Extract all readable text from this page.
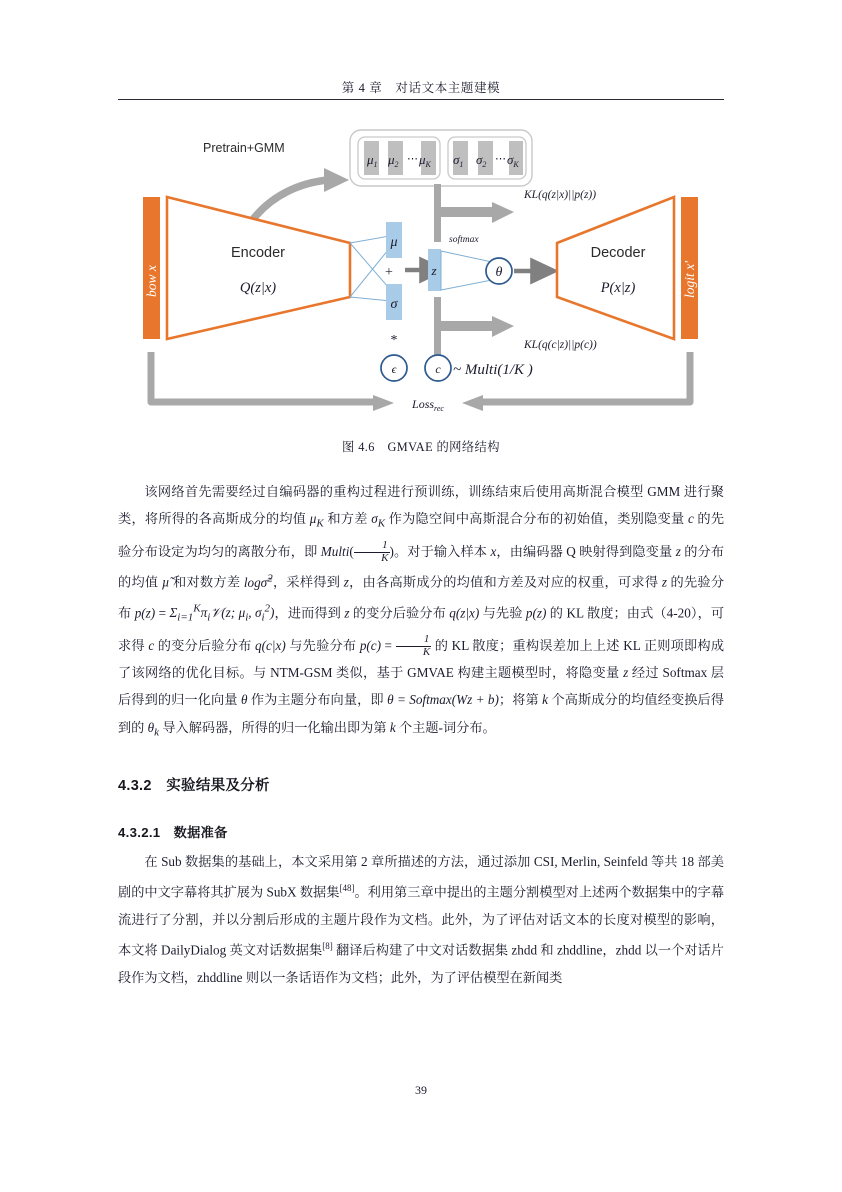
第 4 章　对话文本主题建模
$\mu_1$ $\mu_2$ ⋯ $\mu_K$ $\sigma_1$ $\sigma_2$ ⋯ $\sigma_K$
Pretrain+GMM
bow x
Encoder
Q(z|x)
μ
σ
+
*
z
softmax
θ
KL(q(z|x)||p(z))
KL(q(c|z)||p(c))
Decoder
P(x|z)	logit x'
ϵ	c ~ Multi(1/K )
Loss$_{rec}$
图 4.6　GMVAE 的网络结构

该网络首先需要经过自编码器的重构过程进行预训练，训练结束后使用高斯混合模型 GMM 进行聚类，将所得的各高斯成分的均值 $\mu_K$ 和方差 $\sigma_K$ 作为隐空间中高斯混合分布的初始值，类别隐变量 c 的先验分布设定为均匀的离散分布，即 Multi( $\frac{1}{K}$ )。对于输入样本 x，由编码器 Q 映射得到隐变量 z 的分布的均值 µ̃ 和对数方差 logσ̃$^2$，采样得到 z，由各高斯成分的均值和方差及对应的权重，可求得 z 的先验分布 $p(z) = \Sigma_{i=1}^K\pi_i𝒱(z$; $\mu_i$, $\sigma_i^2$)，进而得到 z 的变分后验分布 q(z|x) 与先验 p(z) 的 KL 散度；由式（4-20），可求得 c 的变分后验分布 q(c|x) 与先验分布 $p(c) = \frac{1}{K}$ 的 KL 散度；重构误差加上上述 KL 正则项即构成了该网络的优化目标。与 NTM-GSM 类似，基于 GMVAE 构建主题模型时，将隐变量 z 经过 Softmax 层后得到的归一化向量 θ 作为主题分布向量，即 θ = Softmax(Wz + b)；将第 k 个高斯成分的均值经变换后得到的 $\theta_k$ 导入解码器，所得的归一化输出即为第 k 个主题-词分布。

4.3.2 实验结果及分析
4.3.2.1 数据准备

在 Sub 数据集的基础上，本文采用第 2 章所描述的方法，通过添加 CSI, Merlin, Seinfeld 等共 18 部美剧的中文字幕将其扩展为 SubX 数据集[48]。利用第三章中提出的主题分割模型对上述两个数据集中的字幕流进行了分割，并以分割后形成的主题片段作为文档。此外，为了评估对话文本的长度对模型的影响，本文将 DailyDialog 英文对话数据集[8] 翻译后构建了中文对话数据集 zhdd 和 zhddline，zhdd 以一个对话片段作为文档，zhddline 则以一条话语作为文档；此外，为了评估模型在新闻类

39
